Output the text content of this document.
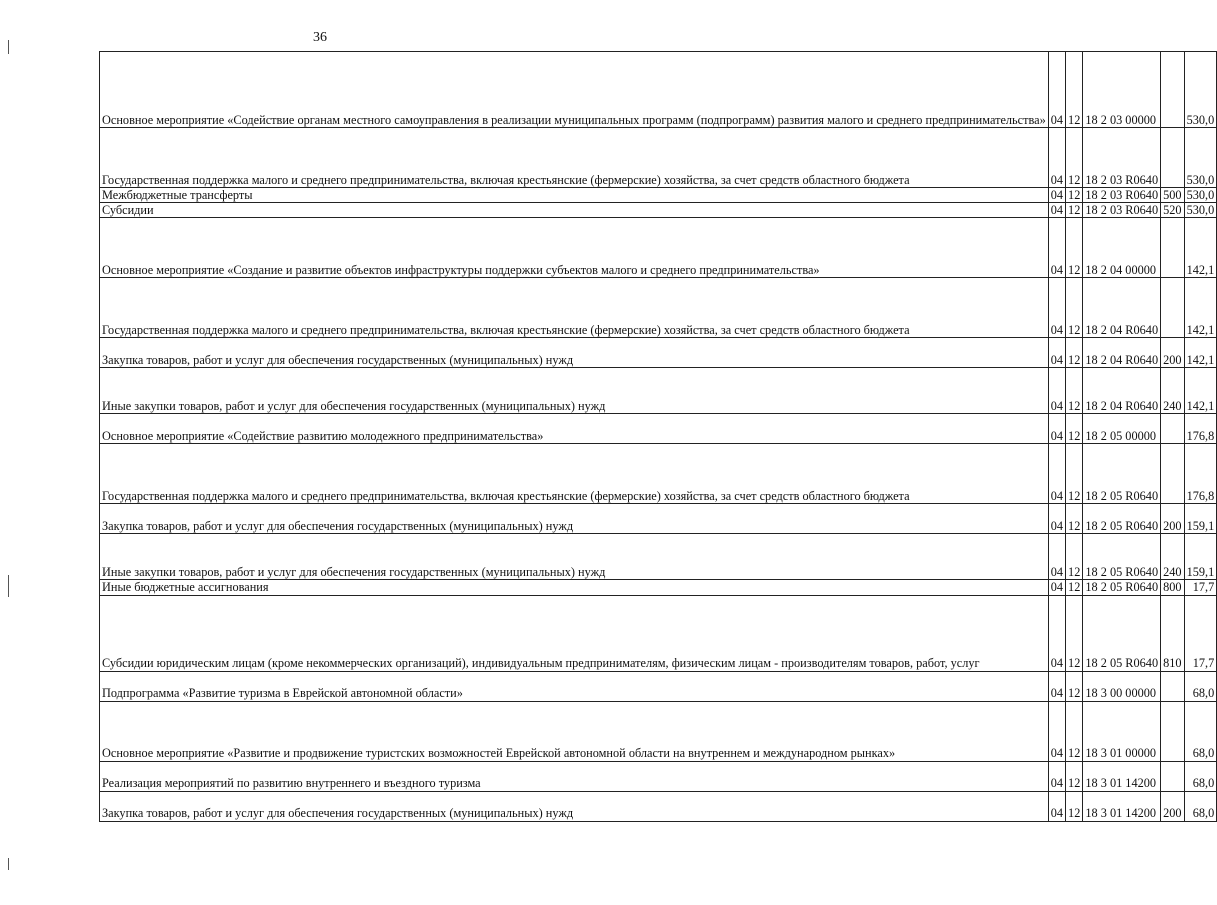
36
Основное мероприятие «Содействие органам местного самоуправления в реализации муниципальных программ (подпрограмм) развития малого и среднего предпринимательства»	04	12	18 2 03 00000		530,0
Государственная поддержка малого и среднего предпринимательства, включая крестьянские (фермерские) хозяйства, за счет средств областного бюджета	04	12	18 2 03 R0640		530,0
Межбюджетные трансферты	04	12	18 2 03 R0640	500	530,0
Субсидии	04	12	18 2 03 R0640	520	530,0
Основное мероприятие «Создание и развитие объектов инфраструктуры поддержки субъектов малого и среднего предпринимательства»	04	12	18 2 04 00000		142,1
Государственная поддержка малого и среднего предпринимательства, включая крестьянские (фермерские) хозяйства, за счет средств областного бюджета	04	12	18 2 04 R0640		142,1
Закупка товаров, работ и услуг для обеспечения государственных (муниципальных) нужд	04	12	18 2 04 R0640	200	142,1
Иные закупки товаров, работ и услуг для обеспечения государственных (муниципальных) нужд	04	12	18 2 04 R0640	240	142,1
Основное мероприятие «Содействие развитию молодежного предпринимательства»	04	12	18 2 05 00000		176,8
Государственная поддержка малого и среднего предпринимательства, включая крестьянские (фермерские) хозяйства, за счет средств областного бюджета	04	12	18 2 05 R0640		176,8
Закупка товаров, работ и услуг для обеспечения государственных (муниципальных) нужд	04	12	18 2 05 R0640	200	159,1
Иные закупки товаров, работ и услуг для обеспечения государственных (муниципальных) нужд	04	12	18 2 05 R0640	240	159,1
Иные бюджетные ассигнования	04	12	18 2 05 R0640	800	17,7
Субсидии юридическим лицам (кроме некоммерческих организаций), индивидуальным предпринимателям, физическим лицам - производителям товаров, работ, услуг	04	12	18 2 05 R0640	810	17,7
Подпрограмма «Развитие туризма в Еврейской автономной области»	04	12	18 3 00 00000		68,0
Основное мероприятие «Развитие и продвижение туристских возможностей Еврейской автономной области на внутреннем и международном рынках»	04	12	18 3 01 00000		68,0
Реализация мероприятий по развитию внутреннего и въездного туризма	04	12	18 3 01 14200		68,0
Закупка товаров, работ и услуг для обеспечения государственных (муниципальных) нужд	04	12	18 3 01 14200	200	68,0
